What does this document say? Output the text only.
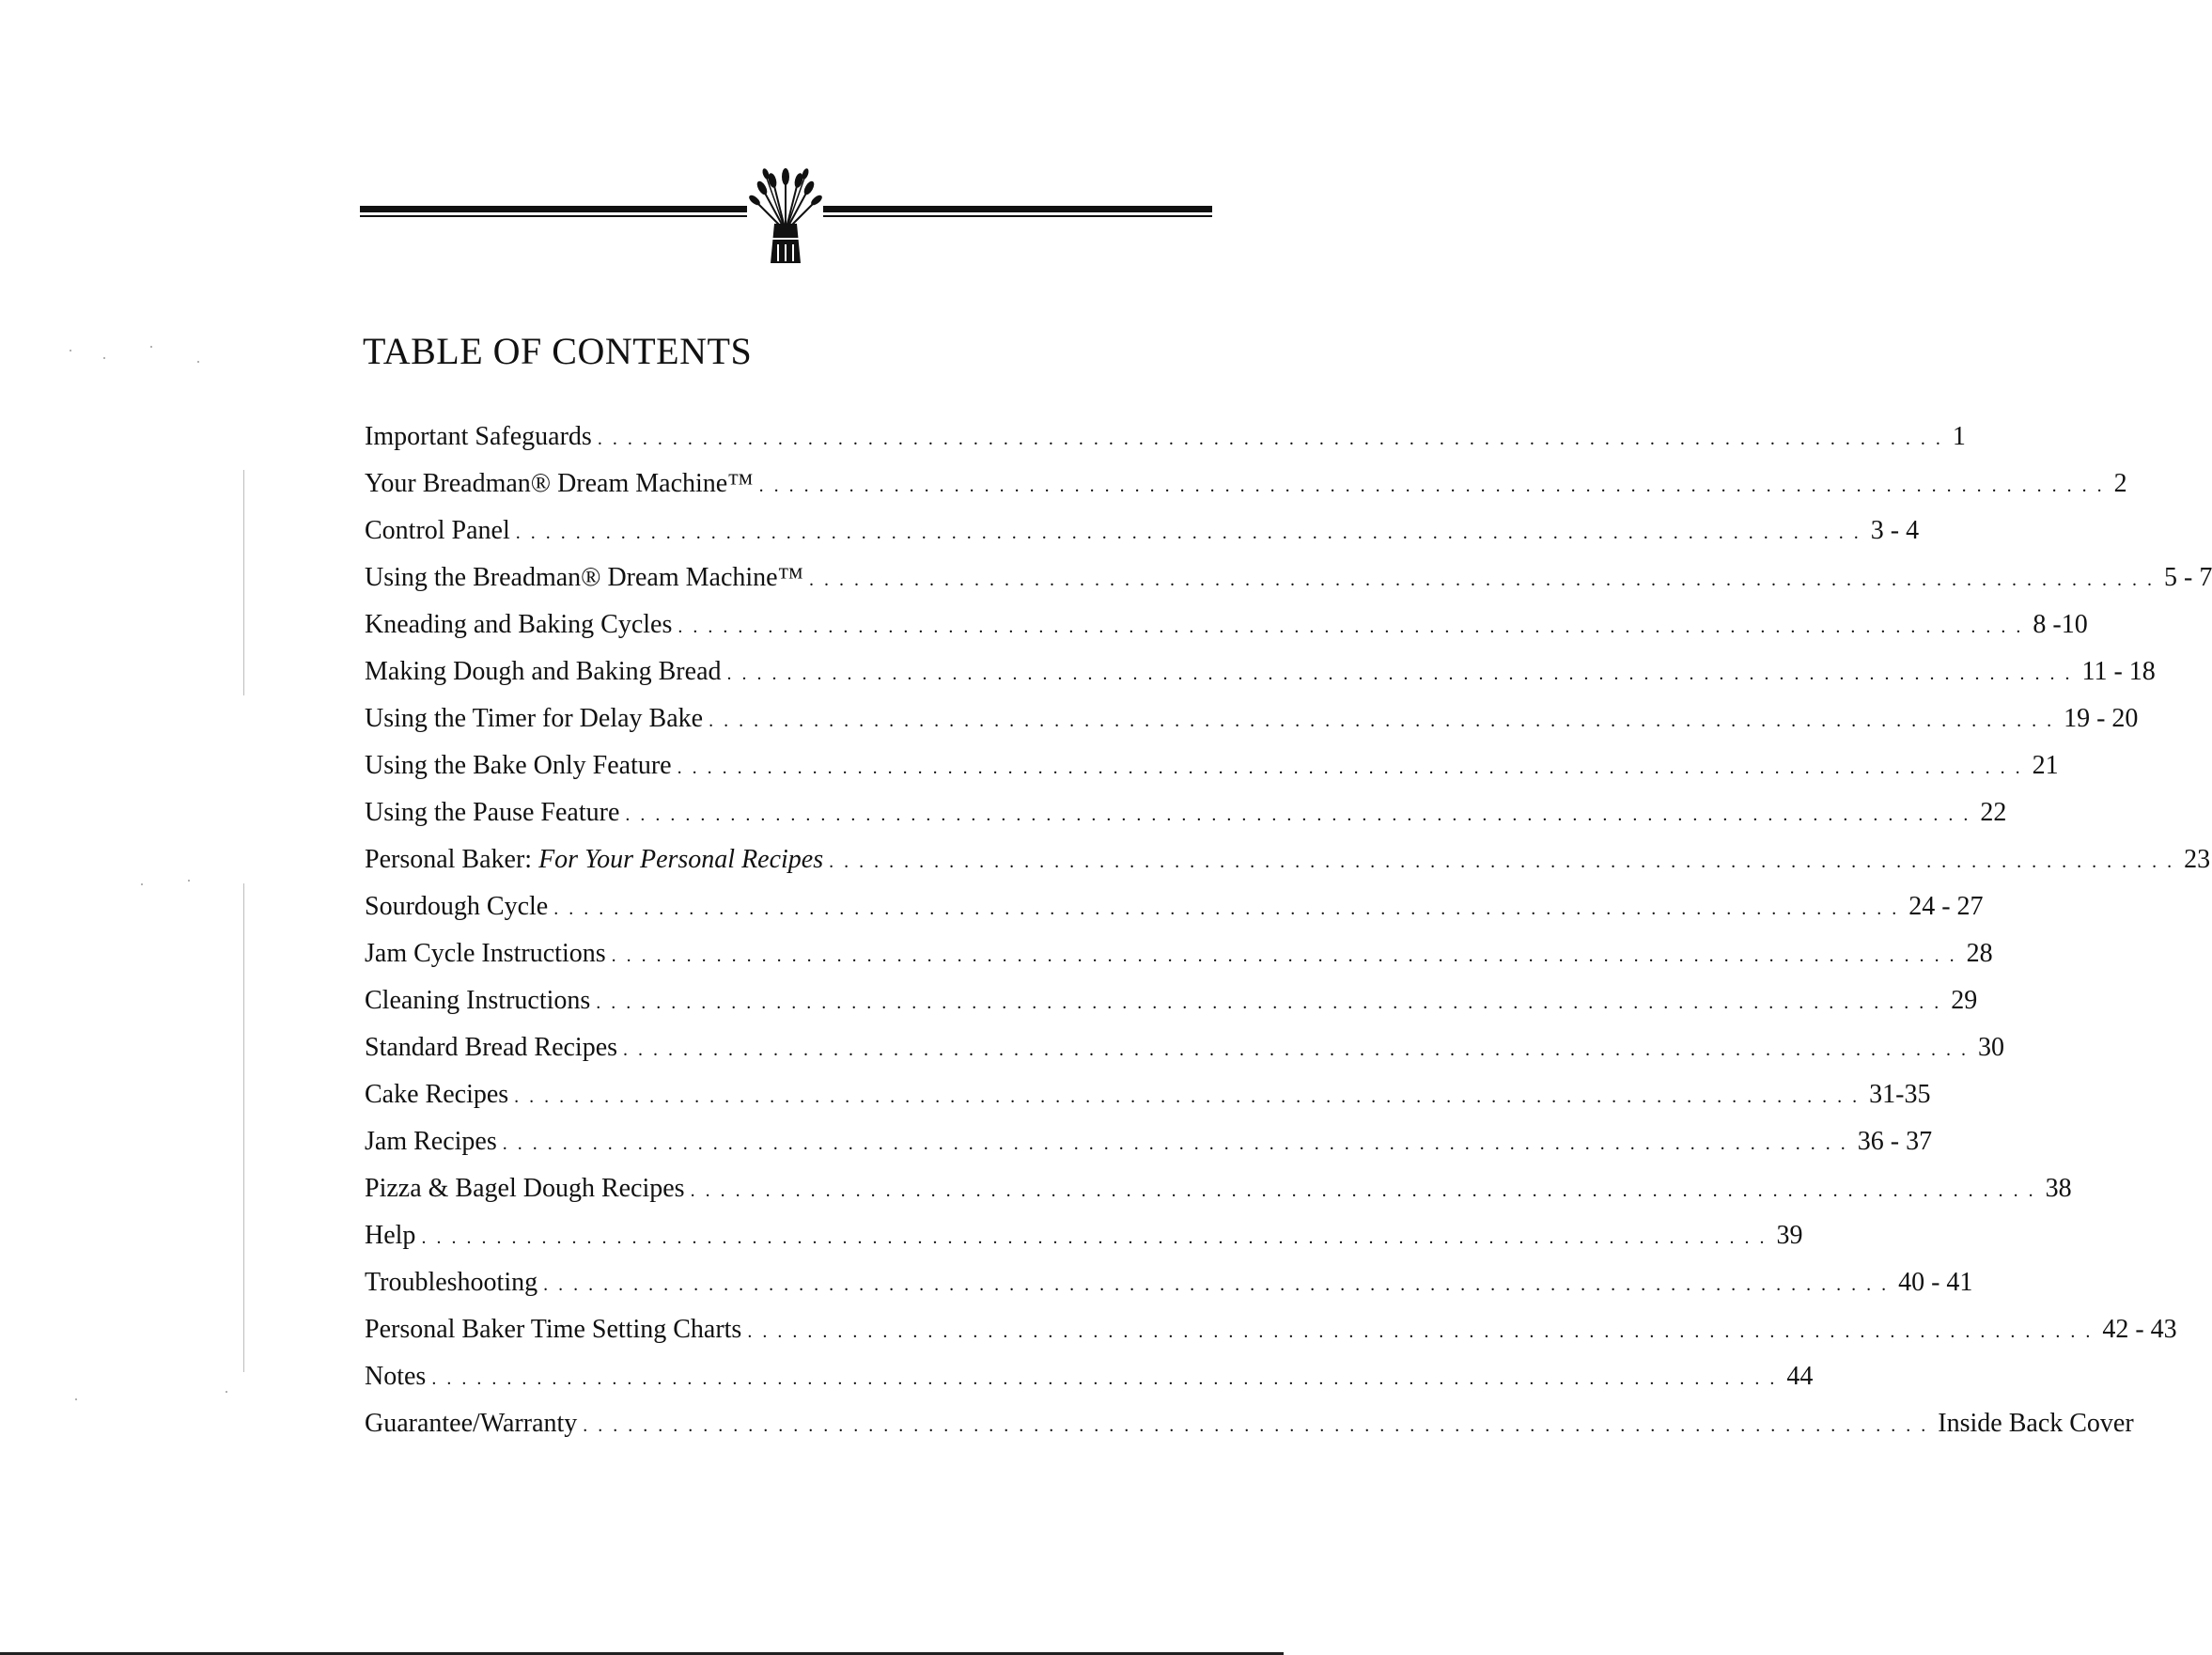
TABLE OF CONTENTS
Important Safeguards . . . . . . . . . . . . . . . . . . . . . . . . . . . . . . . . . . . . . . . . . . . . . . . . . . . . . . . . . . . . . . . . . . . . . . . . . . . . . . . . . . . . . . . . . . 1
Your Breadman® Dream Machine™ . . . . . . . . . . . . . . . . . . . . . . . . . . . . . . . . . . . . . . . . . . . . . . . . . . . . . . . . . . . . . . . . . . . . . . . . . . . . . . . . . . . . . . . . . . 2
Control Panel . . . . . . . . . . . . . . . . . . . . . . . . . . . . . . . . . . . . . . . . . . . . . . . . . . . . . . . . . . . . . . . . . . . . . . . . . . . . . . . . . . . . . . . . . . 3 - 4
Using the Breadman® Dream Machine™ . . . . . . . . . . . . . . . . . . . . . . . . . . . . . . . . . . . . . . . . . . . . . . . . . . . . . . . . . . . . . . . . . . . . . . . . . . . . . . . . . . . . . . . . . . 5 - 7
Kneading and Baking Cycles . . . . . . . . . . . . . . . . . . . . . . . . . . . . . . . . . . . . . . . . . . . . . . . . . . . . . . . . . . . . . . . . . . . . . . . . . . . . . . . . . . . . . . . . . . 8 -10
Making Dough and Baking Bread . . . . . . . . . . . . . . . . . . . . . . . . . . . . . . . . . . . . . . . . . . . . . . . . . . . . . . . . . . . . . . . . . . . . . . . . . . . . . . . . . . . . . . . . . . 11 - 18
Using the Timer for Delay Bake . . . . . . . . . . . . . . . . . . . . . . . . . . . . . . . . . . . . . . . . . . . . . . . . . . . . . . . . . . . . . . . . . . . . . . . . . . . . . . . . . . . . . . . . . . 19 - 20
Using the Bake Only Feature . . . . . . . . . . . . . . . . . . . . . . . . . . . . . . . . . . . . . . . . . . . . . . . . . . . . . . . . . . . . . . . . . . . . . . . . . . . . . . . . . . . . . . . . . . 21
Using the Pause Feature . . . . . . . . . . . . . . . . . . . . . . . . . . . . . . . . . . . . . . . . . . . . . . . . . . . . . . . . . . . . . . . . . . . . . . . . . . . . . . . . . . . . . . . . . . 22
Personal Baker: For Your Personal Recipes . . . . . . . . . . . . . . . . . . . . . . . . . . . . . . . . . . . . . . . . . . . . . . . . . . . . . . . . . . . . . . . . . . . . . . . . . . . . . . . . . . . . . . . . . . 23
Sourdough Cycle . . . . . . . . . . . . . . . . . . . . . . . . . . . . . . . . . . . . . . . . . . . . . . . . . . . . . . . . . . . . . . . . . . . . . . . . . . . . . . . . . . . . . . . . . . 24 - 27
Jam Cycle Instructions . . . . . . . . . . . . . . . . . . . . . . . . . . . . . . . . . . . . . . . . . . . . . . . . . . . . . . . . . . . . . . . . . . . . . . . . . . . . . . . . . . . . . . . . . . 28
Cleaning Instructions . . . . . . . . . . . . . . . . . . . . . . . . . . . . . . . . . . . . . . . . . . . . . . . . . . . . . . . . . . . . . . . . . . . . . . . . . . . . . . . . . . . . . . . . . . 29
Standard Bread Recipes . . . . . . . . . . . . . . . . . . . . . . . . . . . . . . . . . . . . . . . . . . . . . . . . . . . . . . . . . . . . . . . . . . . . . . . . . . . . . . . . . . . . . . . . . . 30
Cake Recipes . . . . . . . . . . . . . . . . . . . . . . . . . . . . . . . . . . . . . . . . . . . . . . . . . . . . . . . . . . . . . . . . . . . . . . . . . . . . . . . . . . . . . . . . . . 31-35
Jam Recipes . . . . . . . . . . . . . . . . . . . . . . . . . . . . . . . . . . . . . . . . . . . . . . . . . . . . . . . . . . . . . . . . . . . . . . . . . . . . . . . . . . . . . . . . . . 36 - 37
Pizza & Bagel Dough Recipes . . . . . . . . . . . . . . . . . . . . . . . . . . . . . . . . . . . . . . . . . . . . . . . . . . . . . . . . . . . . . . . . . . . . . . . . . . . . . . . . . . . . . . . . . . 38
Help . . . . . . . . . . . . . . . . . . . . . . . . . . . . . . . . . . . . . . . . . . . . . . . . . . . . . . . . . . . . . . . . . . . . . . . . . . . . . . . . . . . . . . . . . . 39
Troubleshooting . . . . . . . . . . . . . . . . . . . . . . . . . . . . . . . . . . . . . . . . . . . . . . . . . . . . . . . . . . . . . . . . . . . . . . . . . . . . . . . . . . . . . . . . . . 40 - 41
Personal Baker Time Setting Charts . . . . . . . . . . . . . . . . . . . . . . . . . . . . . . . . . . . . . . . . . . . . . . . . . . . . . . . . . . . . . . . . . . . . . . . . . . . . . . . . . . . . . . . . . . 42 - 43
Notes . . . . . . . . . . . . . . . . . . . . . . . . . . . . . . . . . . . . . . . . . . . . . . . . . . . . . . . . . . . . . . . . . . . . . . . . . . . . . . . . . . . . . . . . . . 44
Guarantee/Warranty . . . . . . . . . . . . . . . . . . . . . . . . . . . . . . . . . . . . . . . . . . . . . . . . . . . . . . . . . . . . . . . . . . . . . . . . . . . . . . . . . . . . . . . . . . Inside Back Cover
